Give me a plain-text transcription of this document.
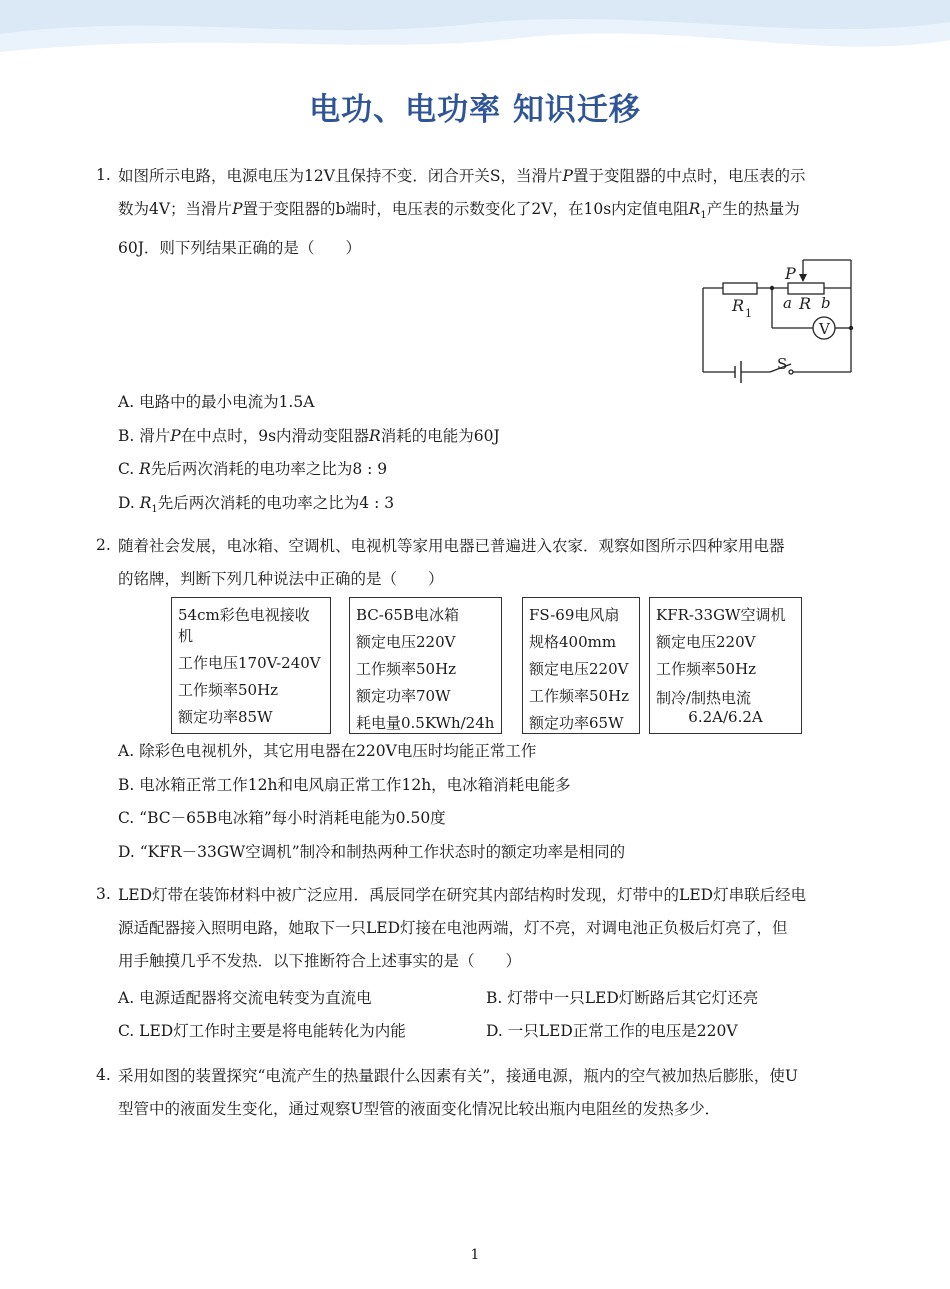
电功、电功率 知识迁移
1. 如图所示电路，电源电压为12V且保持不变．闭合开关S，当滑片P置于变阻器的中点时，电压表的示
数为4V；当滑片P置于变阻器的b端时，电压表的示数变化了2V，在10s内定值电阻$R_1$产生的热量为
60J．则下列结果正确的是（　　）
P
R 1
a R b
V
S
A. 电路中的最小电流为1.5A
B. 滑片P在中点时，9s内滑动变阻器R消耗的电能为60J
C. R先后两次消耗的电功率之比为8 : 9
D. $R_1$先后两次消耗的电功率之比为4 : 3
2. 随着社会发展，电冰箱、空调机、电视机等家用电器已普遍进入农家．观察如图所示四种家用电器
的铭牌，判断下列几种说法中正确的是（　　）
54cm彩色电视接收
机
工作电压170V-240V
工作频率50Hz
额定功率85W
BC-65B电冰箱
额定电压220V
工作频率50Hz
额定功率70W
耗电量0.5KWh/24h
FS-69电风扇
规格400mm
额定电压220V
工作频率50Hz
额定功率65W
KFR-33GW空调机
额定电压220V
工作频率50Hz
制冷/制热电流
6.2A/6.2A
A. 除彩色电视机外，其它用电器在220V电压时均能正常工作
B. 电冰箱正常工作12h和电风扇正常工作12h，电冰箱消耗电能多
C. “BC－65B电冰箱”每小时消耗电能为0.50度
D. “KFR－33GW空调机”制冷和制热两种工作状态时的额定功率是相同的
3. LED灯带在装饰材料中被广泛应用．禹辰同学在研究其内部结构时发现，灯带中的LED灯串联后经电
源适配器接入照明电路，她取下一只LED灯接在电池两端，灯不亮，对调电池正负极后灯亮了，但
用手触摸几乎不发热．以下推断符合上述事实的是（　　）
A. 电源适配器将交流电转变为直流电	B. 灯带中一只LED灯断路后其它灯还亮
C. LED灯工作时主要是将电能转化为内能	D. 一只LED正常工作的电压是220V
4. 采用如图的装置探究“电流产生的热量跟什么因素有关”，接通电源，瓶内的空气被加热后膨胀，使U
型管中的液面发生变化，通过观察U型管的液面变化情况比较出瓶内电阻丝的发热多少．
1
